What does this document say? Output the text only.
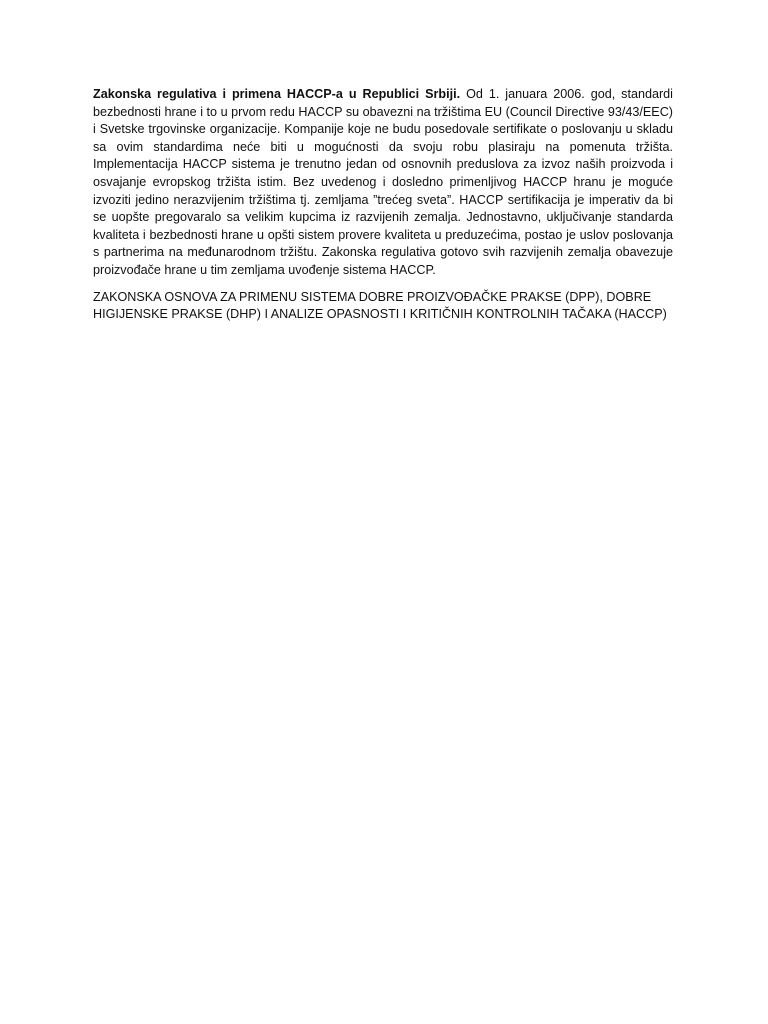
Zakonska regulativa i primena HACCP-a u Republici Srbiji. Od 1. januara 2006. god, standardi bezbednosti hrane i to u prvom redu HACCP su obavezni na tržištima EU (Council Directive 93/43/EEC) i Svetske trgovinske organizacije. Kompanije koje ne budu posedovale sertifikate o poslovanju u skladu sa ovim standardima neće biti u mogućnosti da svoju robu plasiraju na pomenuta tržišta. Implementacija HACCP sistema je trenutno jedan od osnovnih preduslova za izvoz naših proizvoda i osvajanje evropskog tržišta istim. Bez uvedenog i dosledno primenljivog HACCP hranu je moguće izvoziti jedino nerazvijenim tržištima tj. zemljama ”trećeg sveta”. HACCP sertifikacija je imperativ da bi se uopšte pregovaralo sa velikim kupcima iz razvijenih zemalja. Jednostavno, uključivanje standarda kvaliteta i bezbednosti hrane u opšti sistem provere kvaliteta u preduzećima, postao je uslov poslovanja s partnerima na međunarodnom tržištu. Zakonska regulativa gotovo svih razvijenih zemalja obavezuje proizvođače hrane u tim zemljama uvođenje sistema HACCP.

ZAKONSKA OSNOVA ZA PRIMENU SISTEMA DOBRE PROIZVOĐAČKE PRAKSE (DPP), DOBRE HIGIJENSKE PRAKSE (DHP) I ANALIZE OPASNOSTI I KRITIČNIH KONTROLNIH TAČAKA (HACCP)
